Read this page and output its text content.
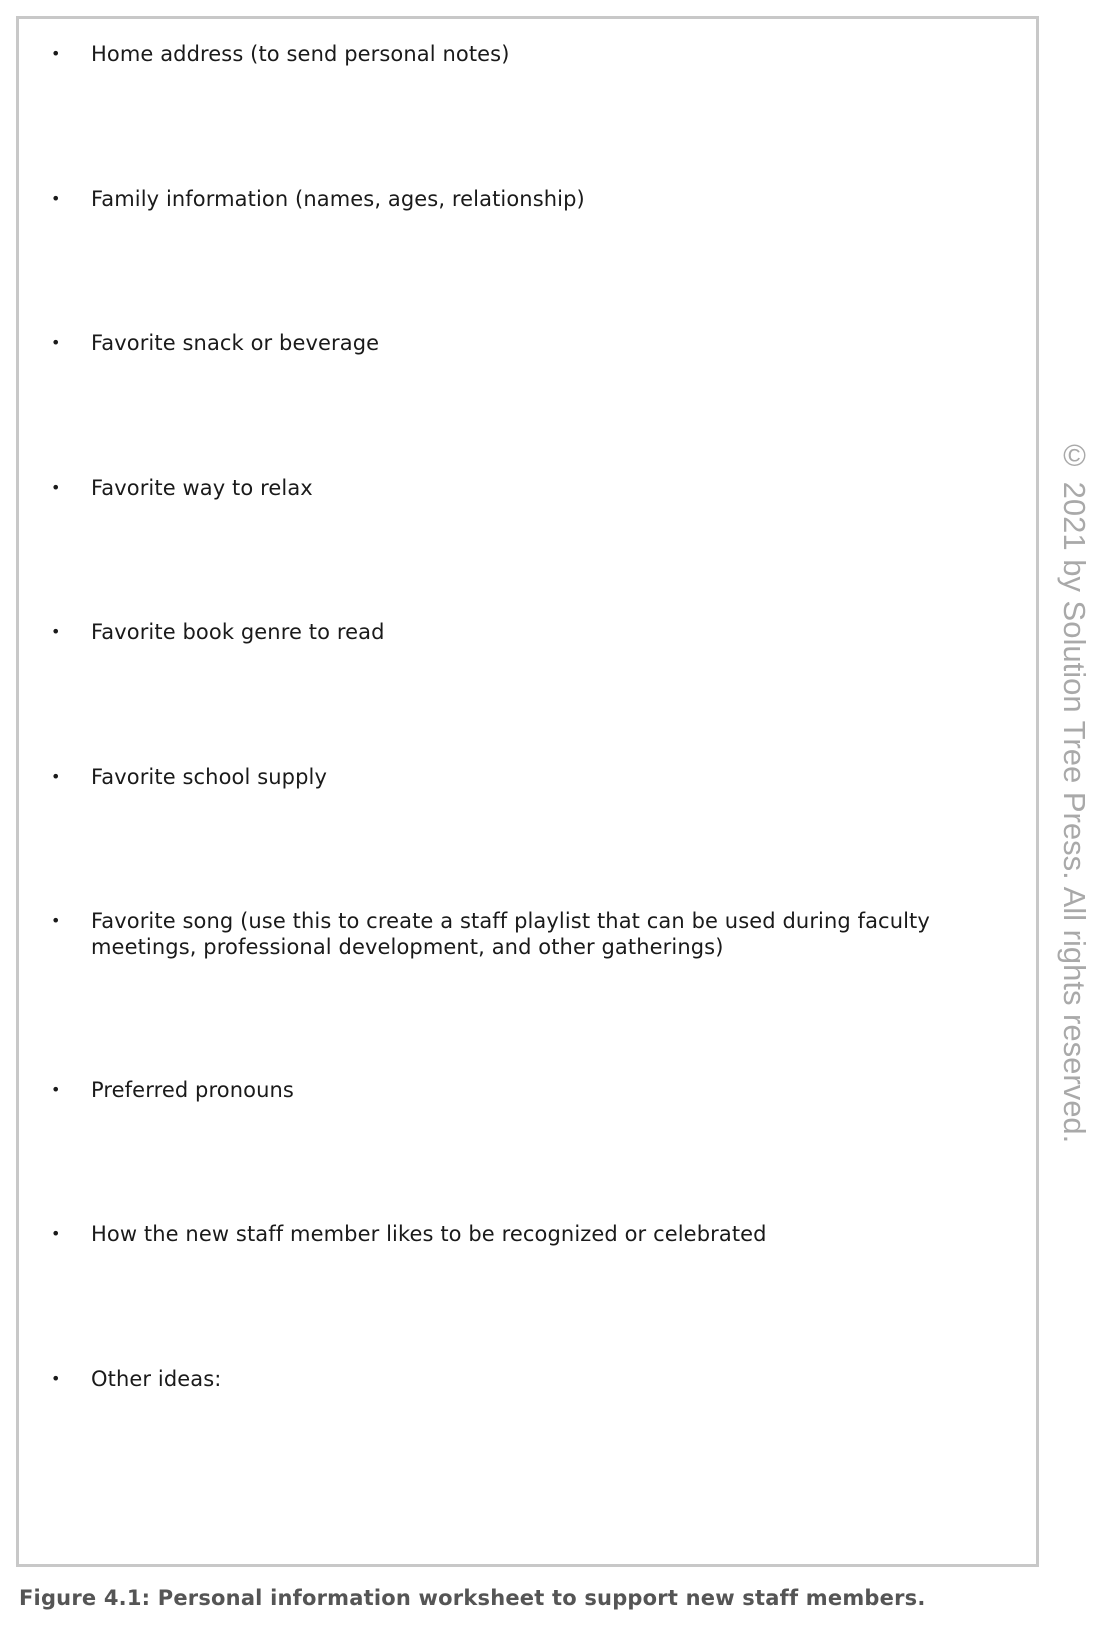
•	Home address (to send personal notes)
•	Family information (names, ages, relationship)
•	Favorite snack or beverage
•	Favorite way to relax
•	Favorite book genre to read
•	Favorite school supply
•	Favorite song (use this to create a staff playlist that can be used during faculty meetings, professional development, and other gatherings)
•	Preferred pronouns
•	How the new staff member likes to be recognized or celebrated
•	Other ideas:
© 2021 by Solution Tree Press. All rights reserved.
Figure 4.1: Personal information worksheet to support new staff members.
